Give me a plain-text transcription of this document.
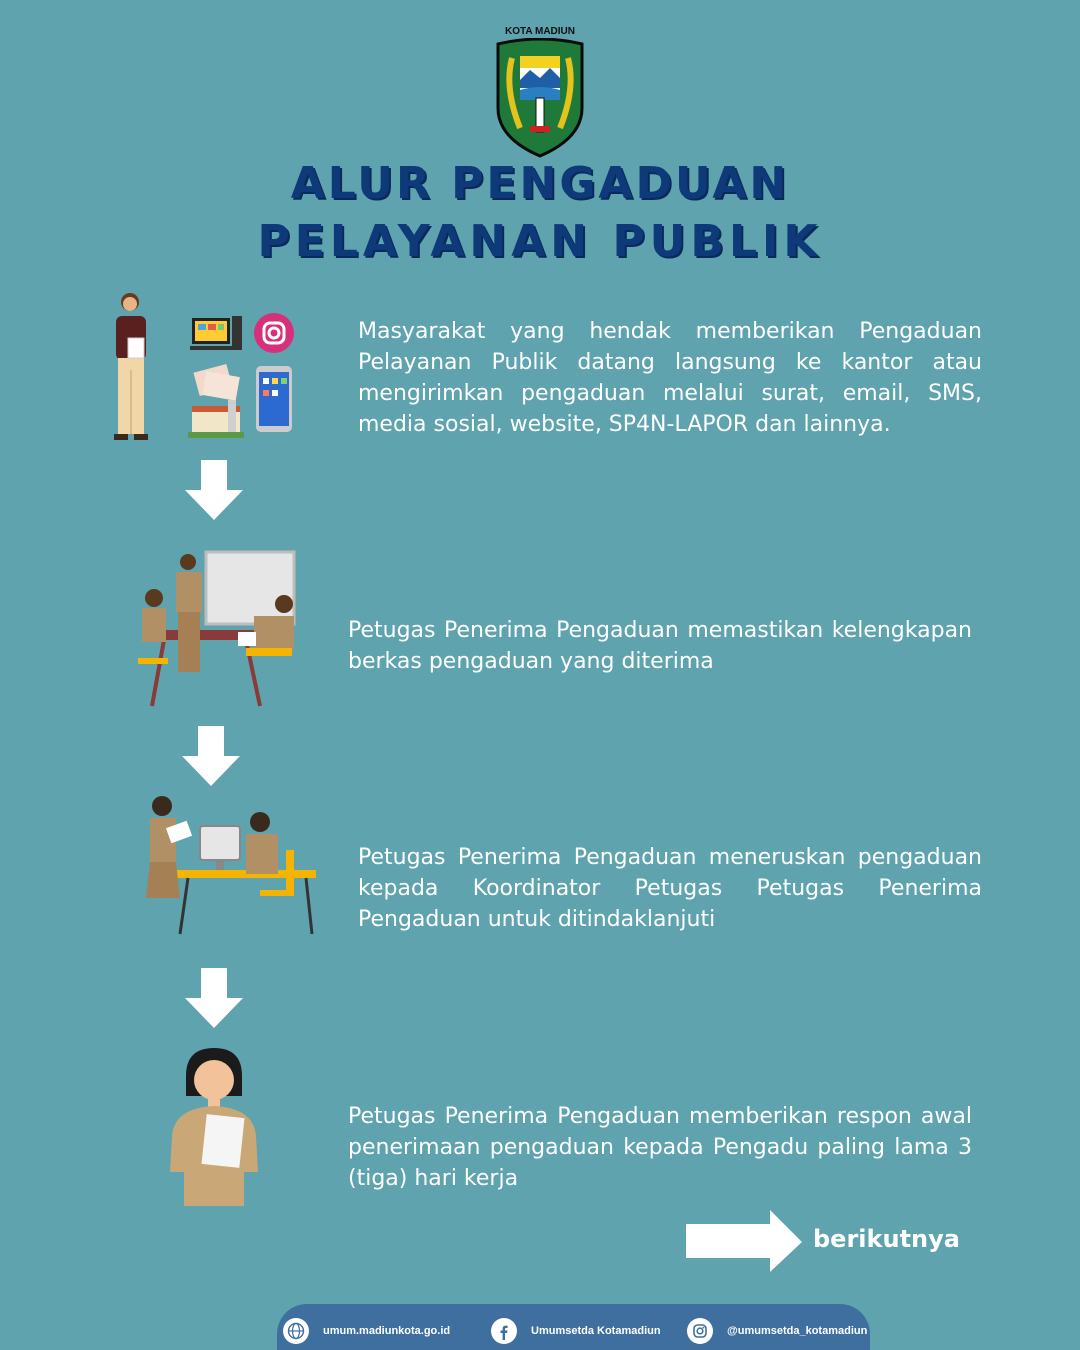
KOTA MADIUN
ALUR PENGADUAN
PELAYANAN PUBLIK
Masyarakat yang hendak memberikan Pengaduan Pelayanan Publik datang langsung ke kantor atau mengirimkan pengaduan melalui surat, email, SMS, media sosial, website, SP4N-LAPOR dan lainnya.
Petugas Penerima Pengaduan memastikan kelengkapan berkas pengaduan yang diterima
Petugas Penerima Pengaduan meneruskan pengaduan kepada Koordinator Petugas Petugas Penerima Pengaduan untuk ditindaklanjuti
Petugas Penerima Pengaduan memberikan respon awal penerimaan pengaduan kepada Pengadu paling lama 3 (tiga) hari kerja
berikutnya
umum.madiunkota.go.id	Umumsetda Kotamadiun	@umumsetda_kotamadiun
